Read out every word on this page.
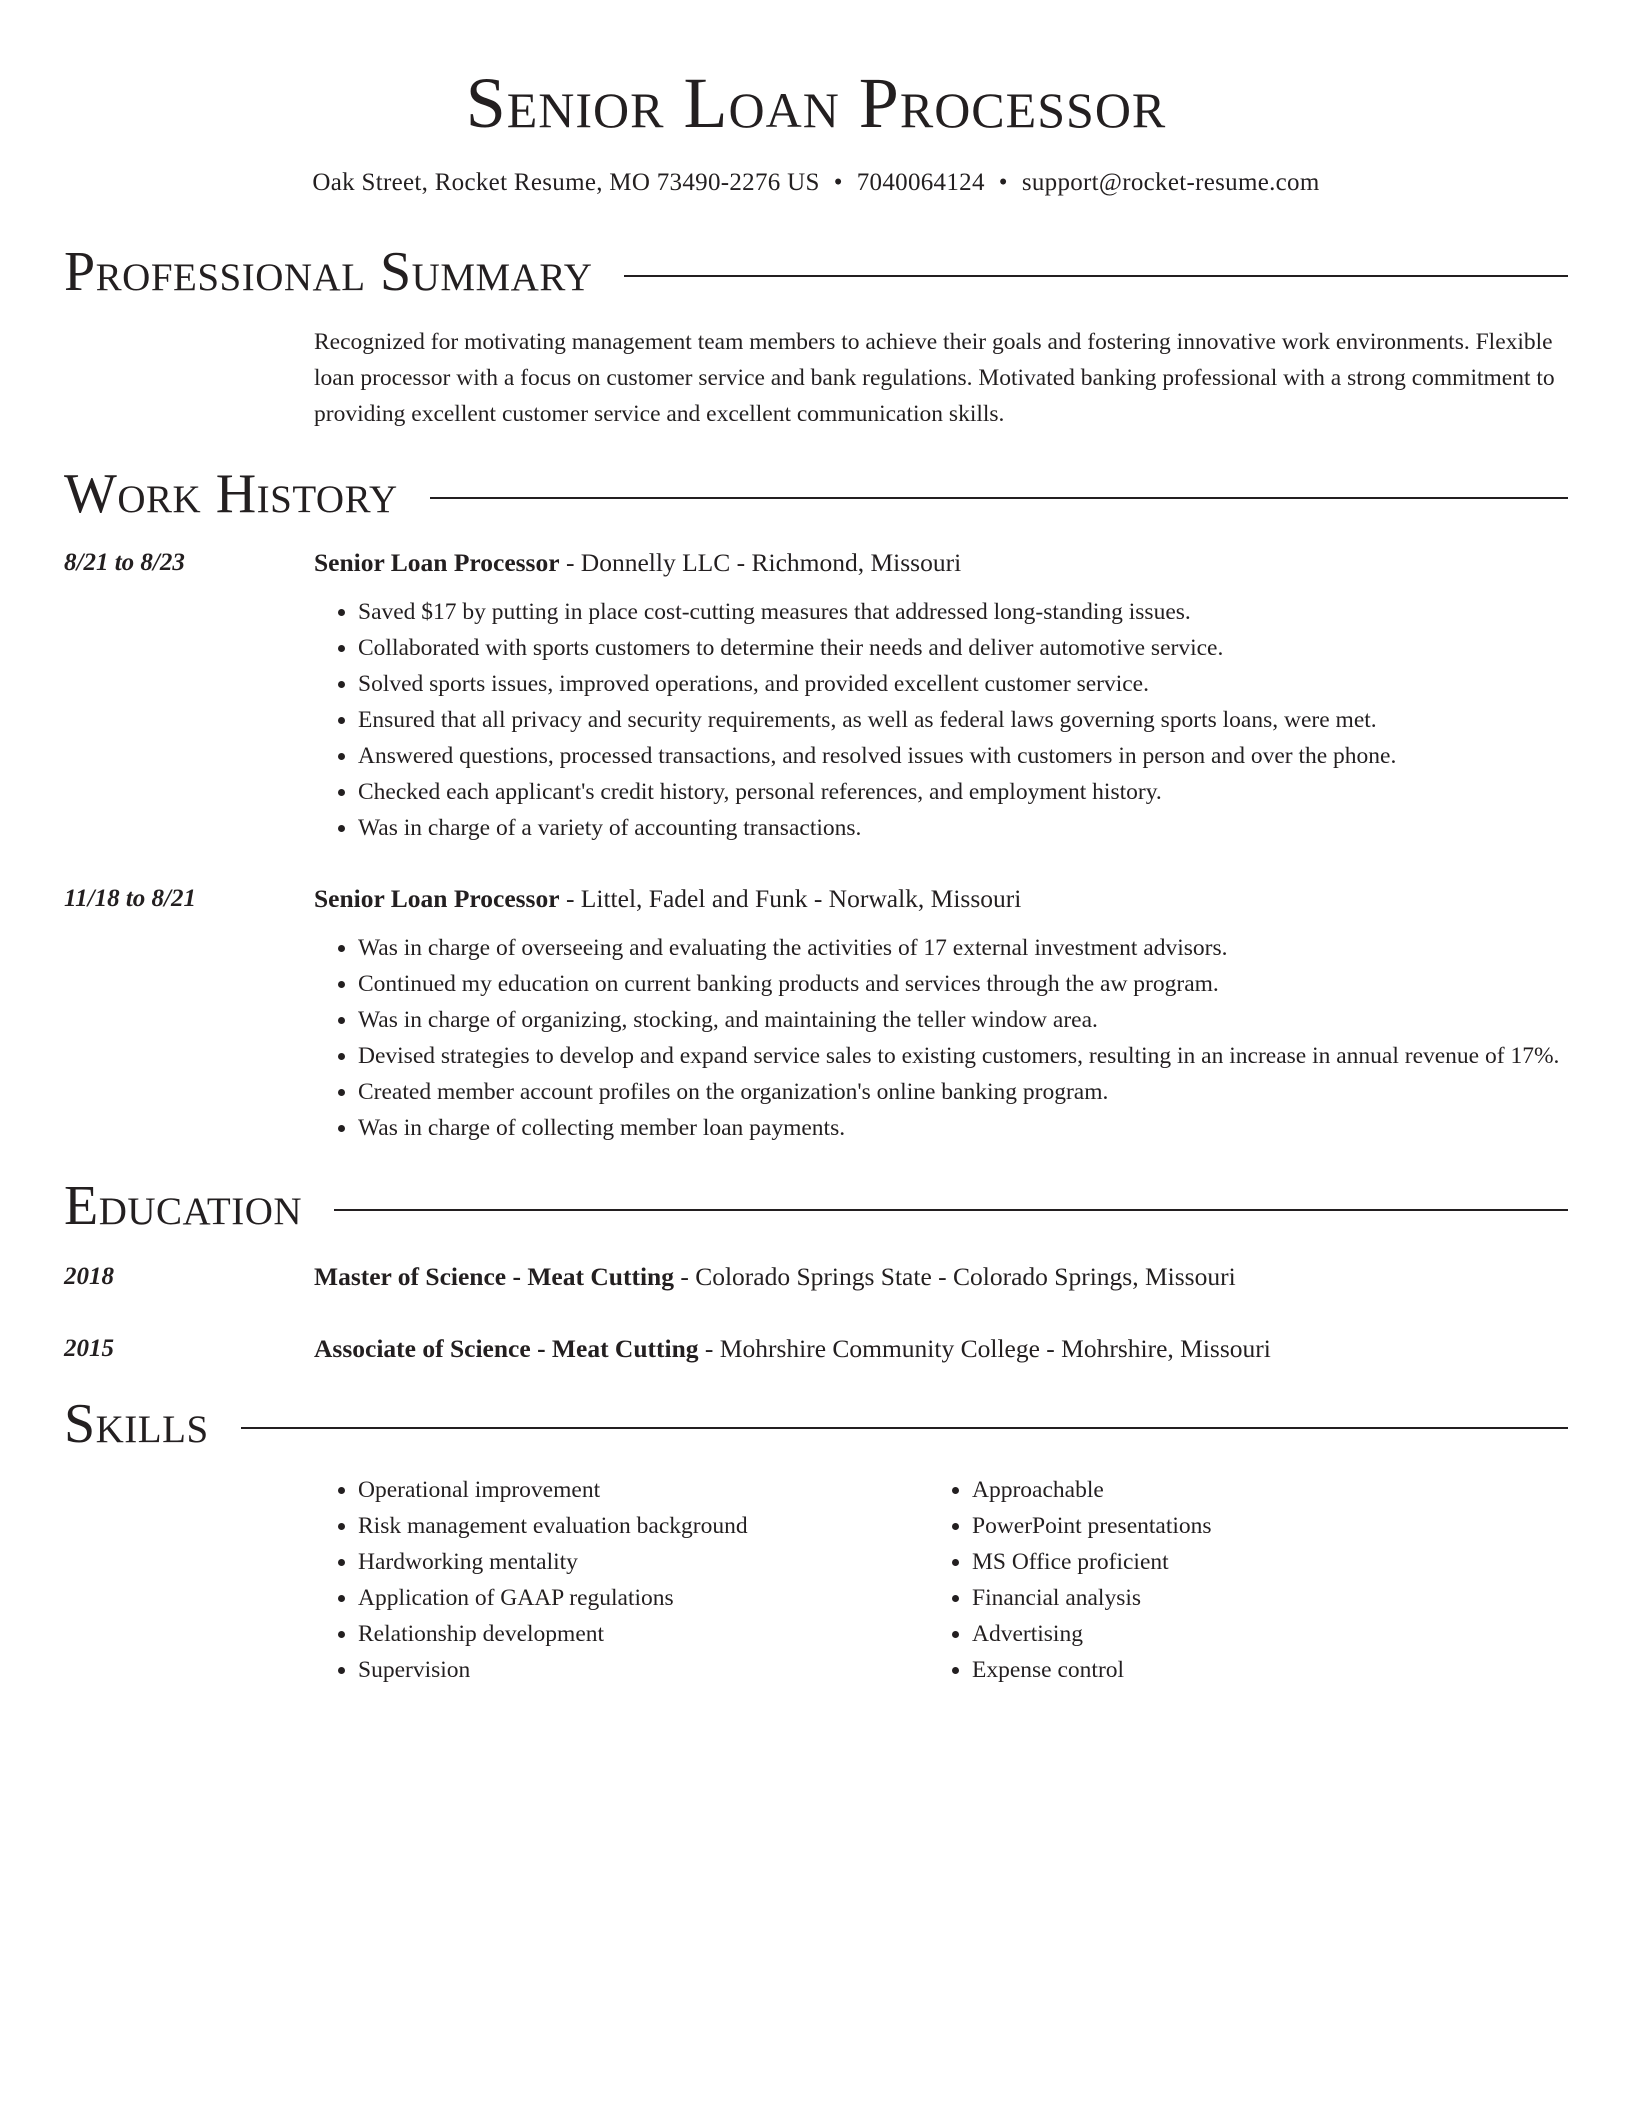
Senior Loan Processor
Oak Street, Rocket Resume, MO 73490-2276 US • 7040064124 • support@rocket-resume.com
Professional Summary
Recognized for motivating management team members to achieve their goals and fostering innovative work environments. Flexible loan processor with a focus on customer service and bank regulations. Motivated banking professional with a strong commitment to providing excellent customer service and excellent communication skills.
Work History
8/21 to 8/23	Senior Loan Processor - Donnelly LLC - Richmond, Missouri
• Saved $17 by putting in place cost-cutting measures that addressed long-standing issues.
• Collaborated with sports customers to determine their needs and deliver automotive service.
• Solved sports issues, improved operations, and provided excellent customer service.
• Ensured that all privacy and security requirements, as well as federal laws governing sports loans, were met.
• Answered questions, processed transactions, and resolved issues with customers in person and over the phone.
• Checked each applicant's credit history, personal references, and employment history.
• Was in charge of a variety of accounting transactions.
11/18 to 8/21	Senior Loan Processor - Littel, Fadel and Funk - Norwalk, Missouri
• Was in charge of overseeing and evaluating the activities of 17 external investment advisors.
• Continued my education on current banking products and services through the aw program.
• Was in charge of organizing, stocking, and maintaining the teller window area.
• Devised strategies to develop and expand service sales to existing customers, resulting in an increase in annual revenue of 17%.
• Created member account profiles on the organization's online banking program.
• Was in charge of collecting member loan payments.
Education
2018	Master of Science - Meat Cutting - Colorado Springs State - Colorado Springs, Missouri
2015	Associate of Science - Meat Cutting - Mohrshire Community College - Mohrshire, Missouri
Skills
• Operational improvement
• Risk management evaluation background
• Hardworking mentality
• Application of GAAP regulations
• Relationship development
• Supervision
• Approachable
• PowerPoint presentations
• MS Office proficient
• Financial analysis
• Advertising
• Expense control
